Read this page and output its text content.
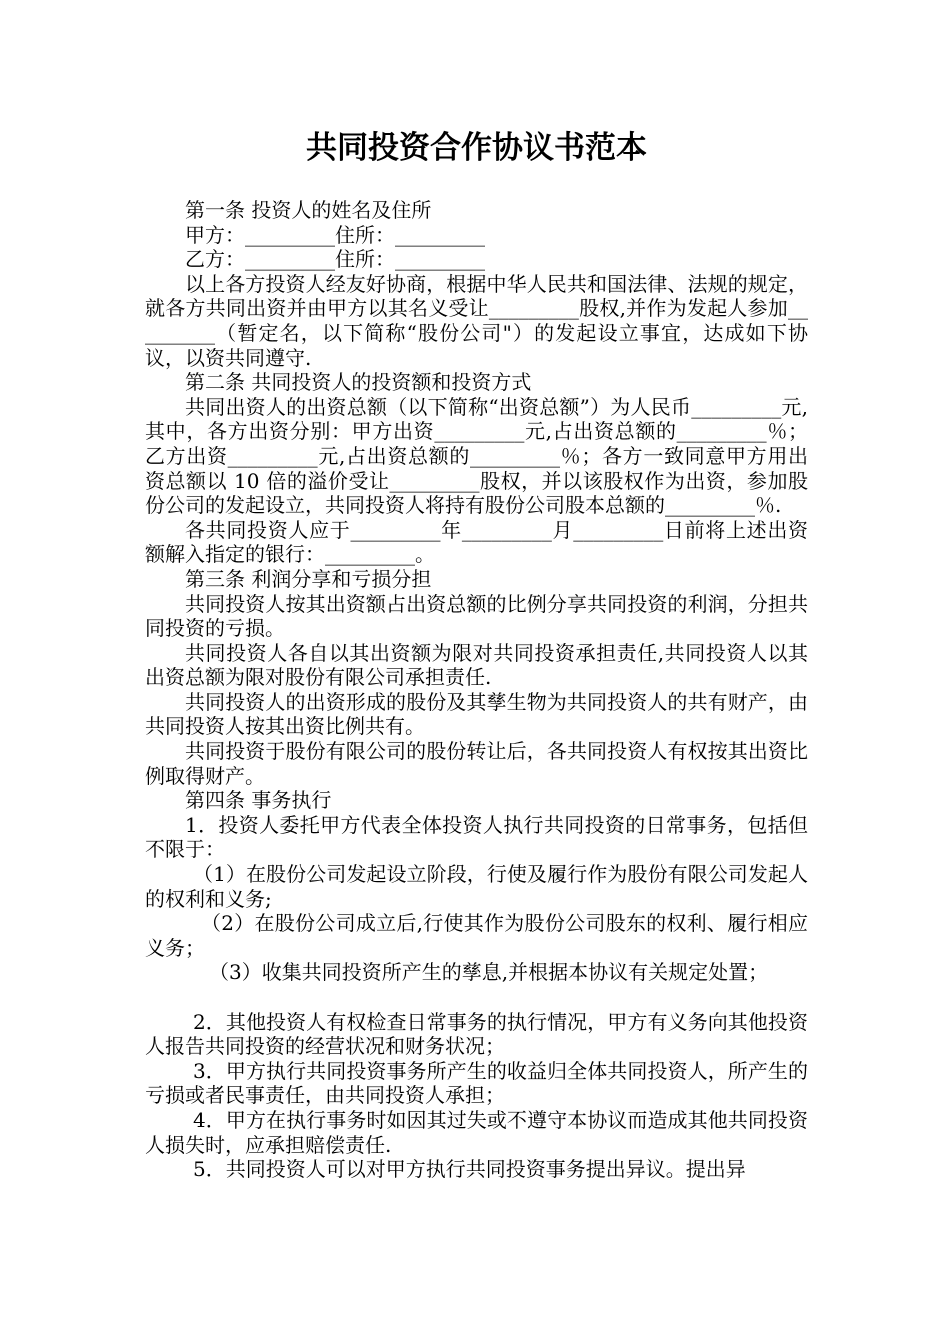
共同投资合作协议书范本

第一条 投资人的姓名及住所

甲方：_________住所：_________

乙方：_________住所：_________

以上各方投资人经友好协商，根据中华人民共和国法律、法规的规定，就各方共同出资并由甲方以其名义受让_________股权,并作为发起人参加_________（暂定名，以下简称“股份公司"）的发起设立事宜，达成如下协议，以资共同遵守.

第二条 共同投资人的投资额和投资方式

共同出资人的出资总额（以下简称“出资总额”）为人民币_________元,其中，各方出资分别：甲方出资_________元,占出资总额的_________％；乙方出资_________元,占出资总额的_________％；各方一致同意甲方用出资总额以 10 倍的溢价受让_________股权，并以该股权作为出资，参加股份公司的发起设立，共同投资人将持有股份公司股本总额的_________％.

各共同投资人应于_________年_________月_________日前将上述出资额解入指定的银行：_________。

第三条 利润分享和亏损分担

共同投资人按其出资额占出资总额的比例分享共同投资的利润，分担共同投资的亏损。

共同投资人各自以其出资额为限对共同投资承担责任,共同投资人以其出资总额为限对股份有限公司承担责任.

共同投资人的出资形成的股份及其孳生物为共同投资人的共有财产，由共同投资人按其出资比例共有。

共同投资于股份有限公司的股份转让后，各共同投资人有权按其出资比例取得财产。

第四条 事务执行

1．投资人委托甲方代表全体投资人执行共同投资的日常事务，包括但不限于：

（1）在股份公司发起设立阶段，行使及履行作为股份有限公司发起人的权利和义务;

（2）在股份公司成立后,行使其作为股份公司股东的权利、履行相应义务；

（3）收集共同投资所产生的孳息,并根据本协议有关规定处置；

2．其他投资人有权检查日常事务的执行情况，甲方有义务向其他投资人报告共同投资的经营状况和财务状况；

3．甲方执行共同投资事务所产生的收益归全体共同投资人，所产生的亏损或者民事责任，由共同投资人承担；

4．甲方在执行事务时如因其过失或不遵守本协议而造成其他共同投资人损失时，应承担赔偿责任.

5．共同投资人可以对甲方执行共同投资事务提出异议。提出异
